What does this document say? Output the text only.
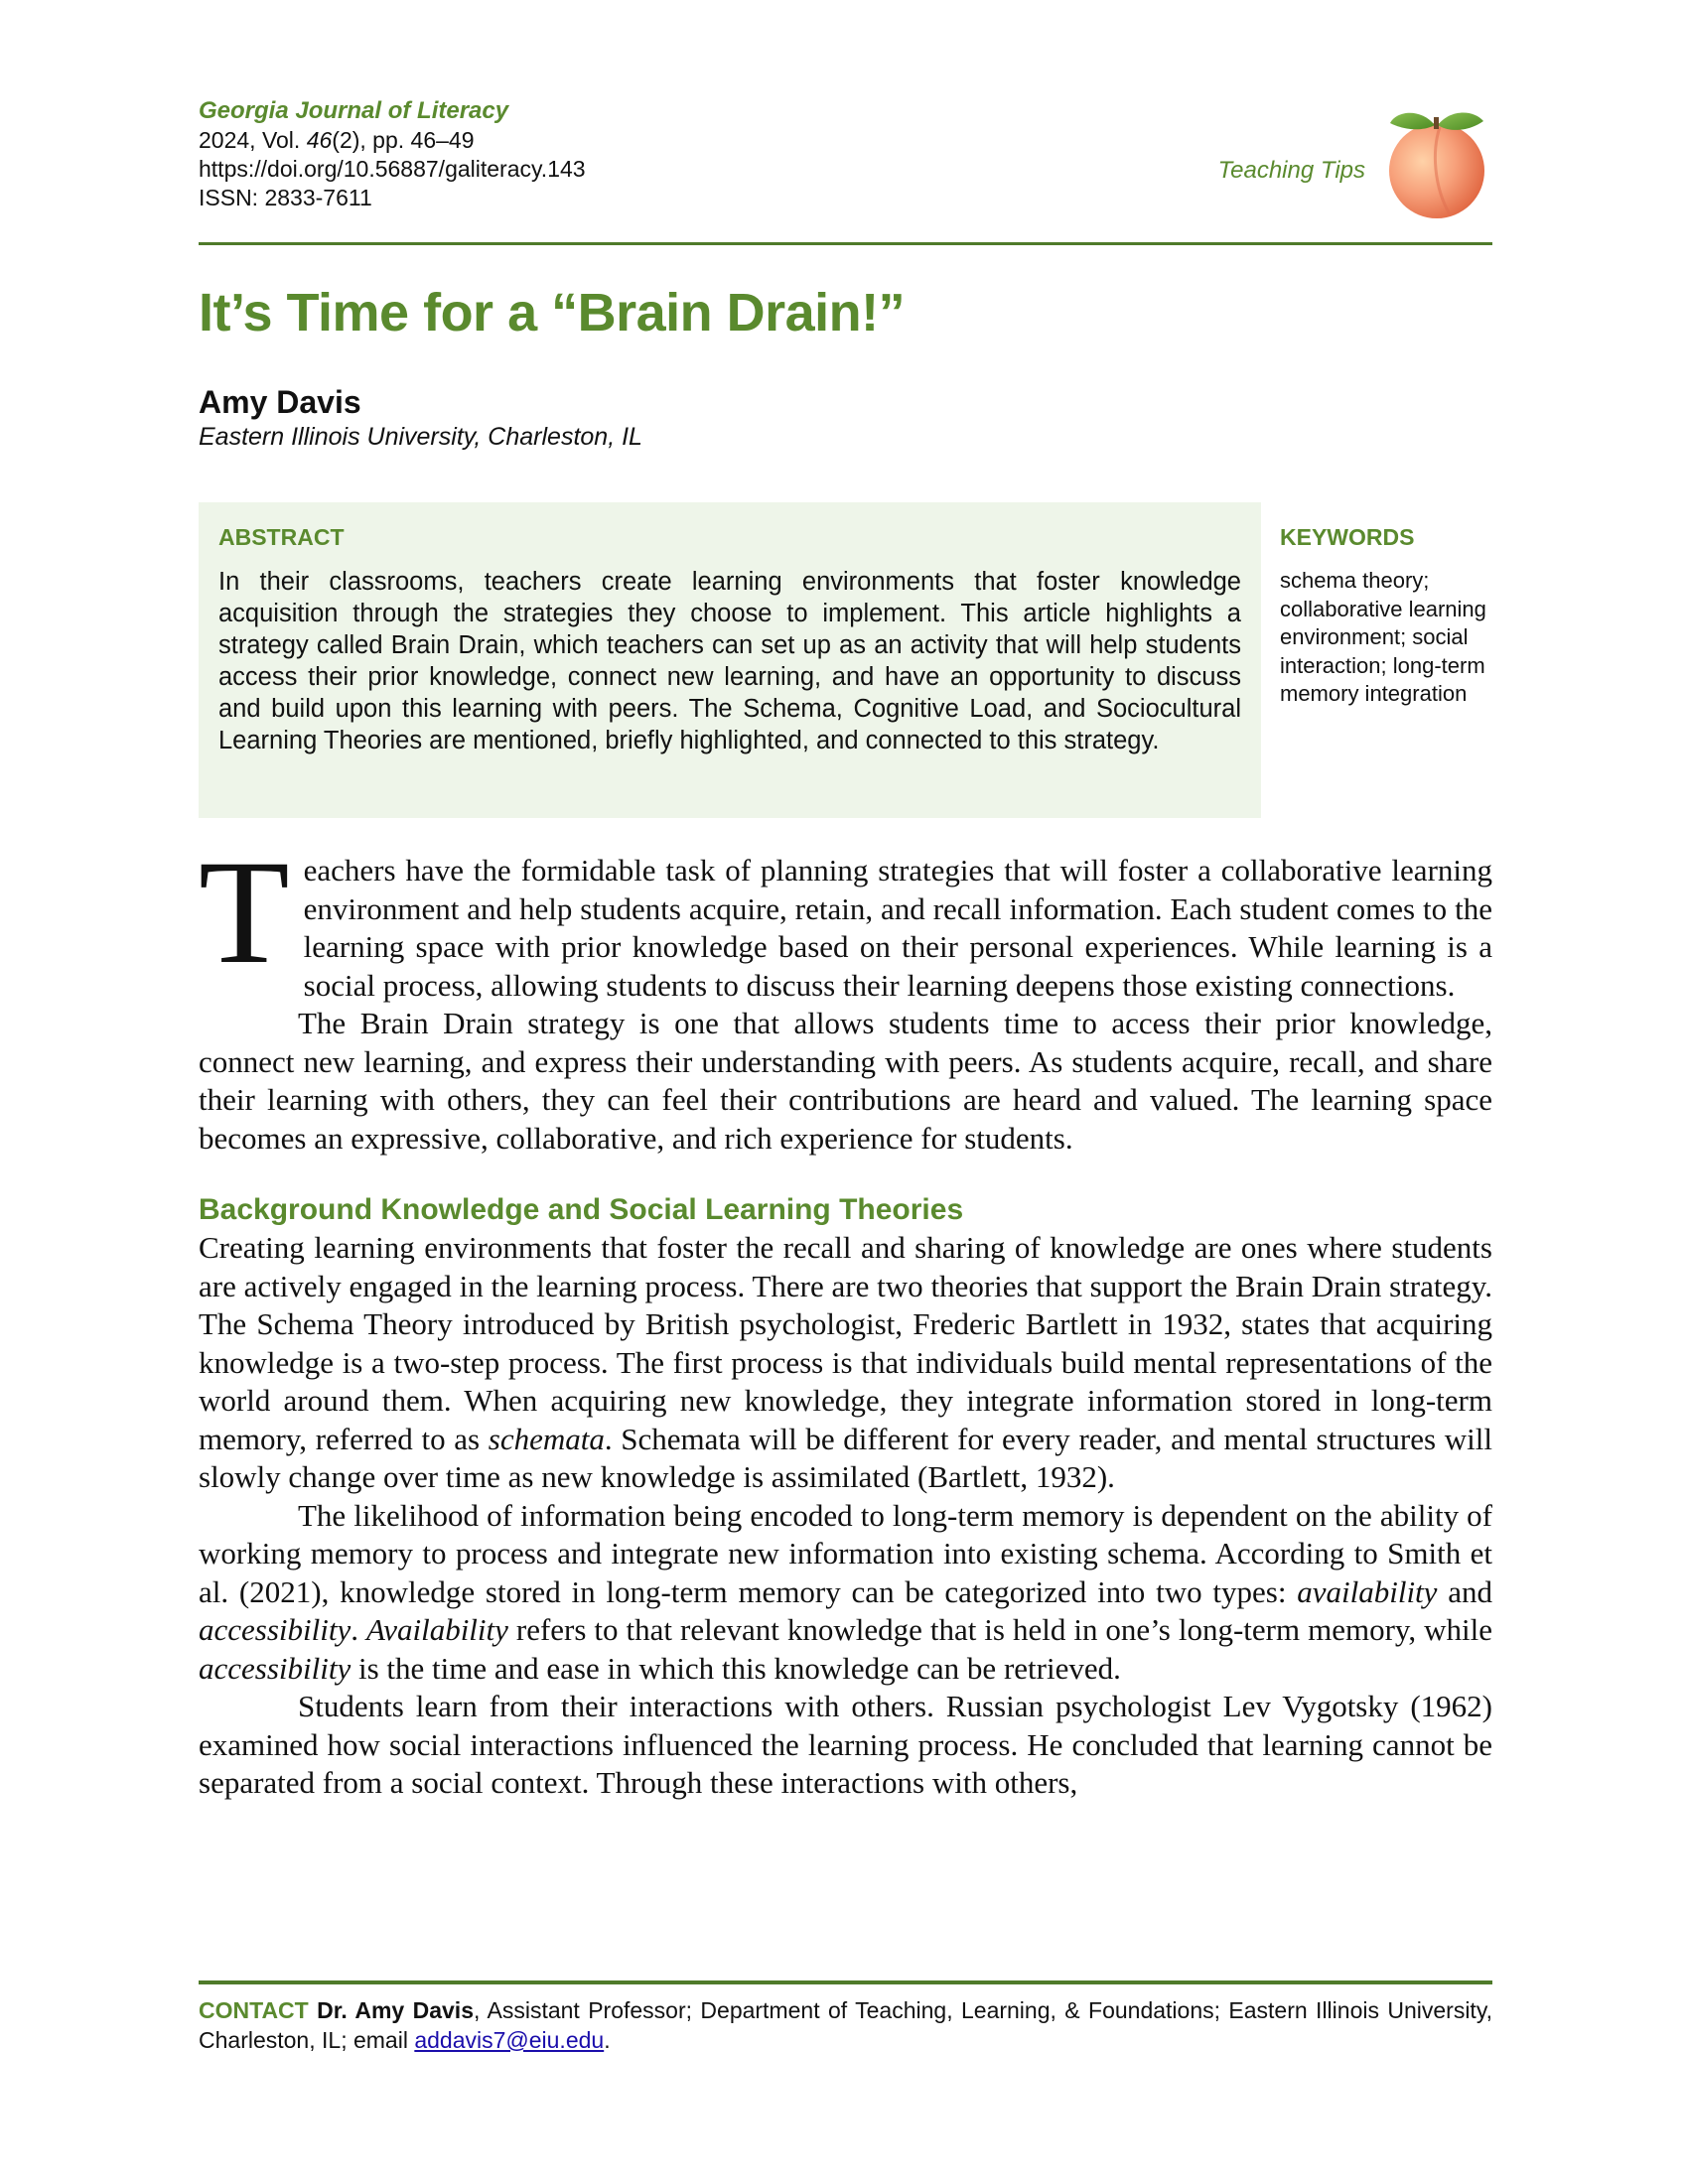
Georgia Journal of Literacy
2024, Vol. 46(2), pp. 46–49
https://doi.org/10.56887/galiteracy.143
ISSN: 2833-7611
Teaching Tips
It’s Time for a “Brain Drain!”
Amy Davis
Eastern Illinois University, Charleston, IL
ABSTRACT
In their classrooms, teachers create learning environments that foster knowledge acquisition through the strategies they choose to implement. This article highlights a strategy called Brain Drain, which teachers can set up as an activity that will help students access their prior knowledge, connect new learning, and have an opportunity to discuss and build upon this learning with peers. The Schema, Cognitive Load, and Sociocultural Learning Theories are mentioned, briefly highlighted, and connected to this strategy.
KEYWORDS
schema theory; collaborative learning environment; social interaction; long-term memory integration

Teachers have the formidable task of planning strategies that will foster a collaborative learning environment and help students acquire, retain, and recall information. Each student comes to the learning space with prior knowledge based on their personal experiences. While learning is a social process, allowing students to discuss their learning deepens those existing connections.

The Brain Drain strategy is one that allows students time to access their prior knowledge, connect new learning, and express their understanding with peers. As students acquire, recall, and share their learning with others, they can feel their contributions are heard and valued. The learning space becomes an expressive, collaborative, and rich experience for students.

Background Knowledge and Social Learning Theories

Creating learning environments that foster the recall and sharing of knowledge are ones where students are actively engaged in the learning process. There are two theories that support the Brain Drain strategy. The Schema Theory introduced by British psychologist, Frederic Bartlett in 1932, states that acquiring knowledge is a two-step process. The first process is that individuals build mental representations of the world around them. When acquiring new knowledge, they integrate information stored in long-term memory, referred to as schemata. Schemata will be different for every reader, and mental structures will slowly change over time as new knowledge is assimilated (Bartlett, 1932).

The likelihood of information being encoded to long-term memory is dependent on the ability of working memory to process and integrate new information into existing schema. According to Smith et al. (2021), knowledge stored in long-term memory can be categorized into two types: availability and accessibility. Availability refers to that relevant knowledge that is held in one’s long-term memory, while accessibility is the time and ease in which this knowledge can be retrieved.

Students learn from their interactions with others. Russian psychologist Lev Vygotsky (1962) examined how social interactions influenced the learning process. He concluded that learning cannot be separated from a social context. Through these interactions with others,

CONTACT Dr. Amy Davis, Assistant Professor; Department of Teaching, Learning, & Foundations; Eastern Illinois University, Charleston, IL; email addavis7@eiu.edu.
